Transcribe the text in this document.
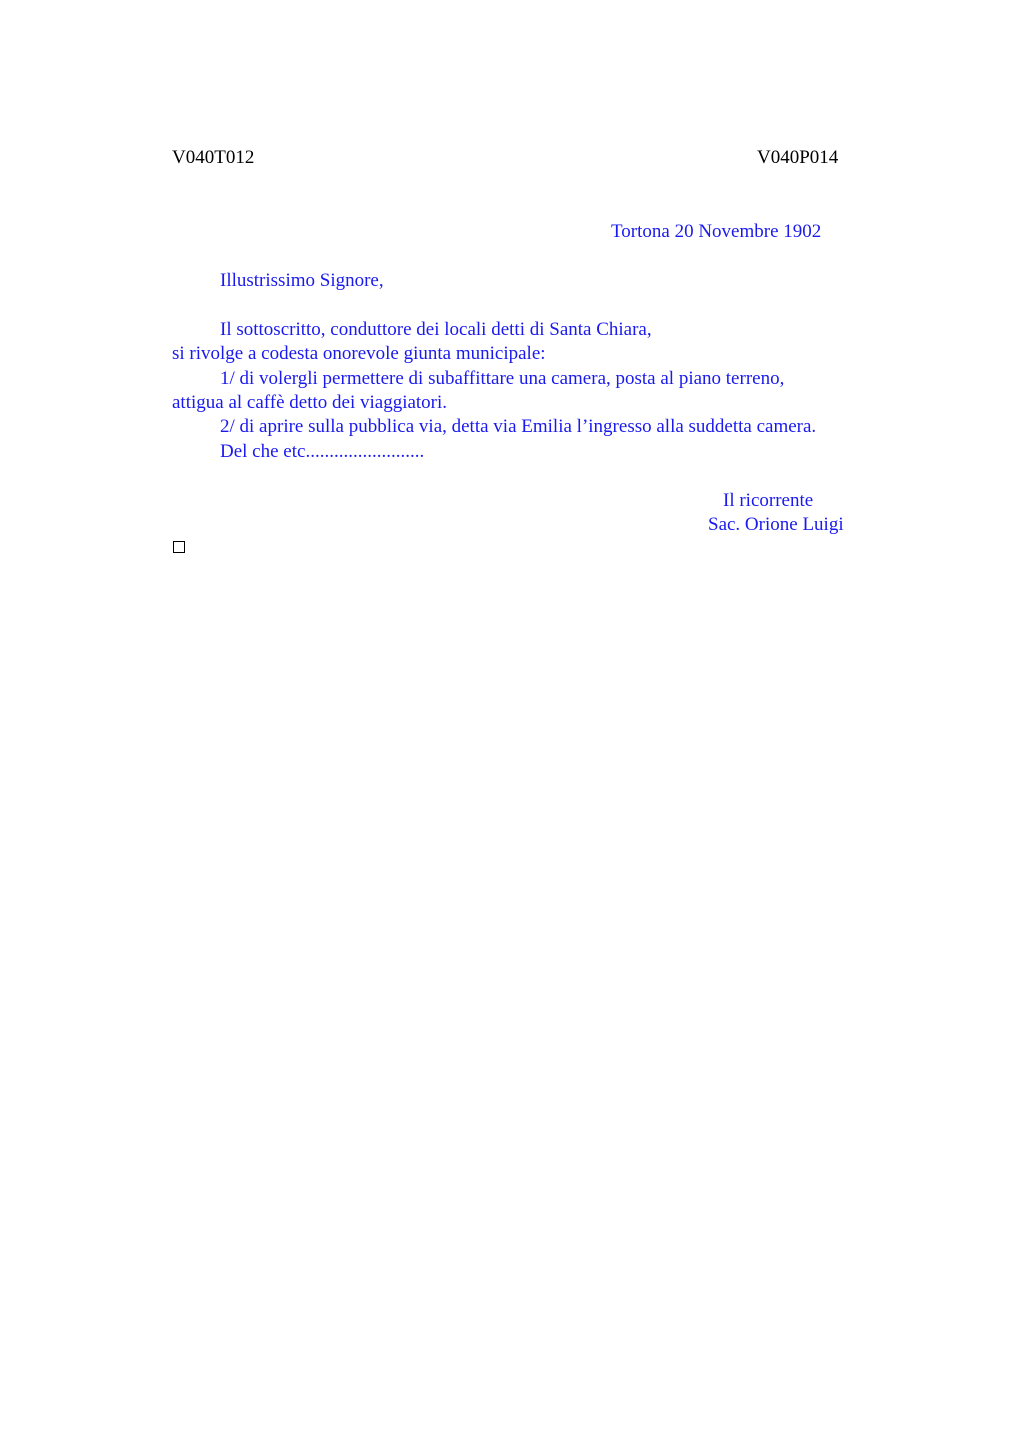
V040T012	V040P014
Tortona 20 Novembre 1902
Illustrissimo Signore,
Il sottoscritto, conduttore dei locali detti di Santa Chiara,
si rivolge a codesta onorevole giunta municipale:
1/ di volergli permettere di subaffittare una camera, posta al piano terreno,
attigua al caffè detto dei viaggiatori.
2/ di aprire sulla pubblica via, detta via Emilia l’ingresso alla suddetta camera.
Del che etc.........................
Il ricorrente
Sac. Orione Luigi
